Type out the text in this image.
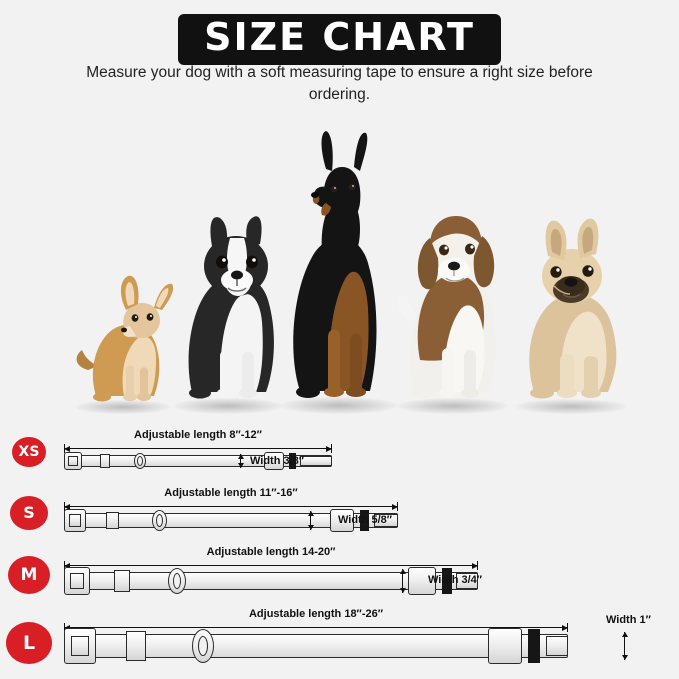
SIZE CHART
Measure your dog with a soft measuring tape to ensure a right size before ordering.
XS
Adjustable length 8″-12″
Width 3/8″
S
Adjustable length 11″-16″
Width 5/8″
M
Adjustable length 14-20″
Width 3/4″
L
Adjustable length 18″-26″	Width 1″
